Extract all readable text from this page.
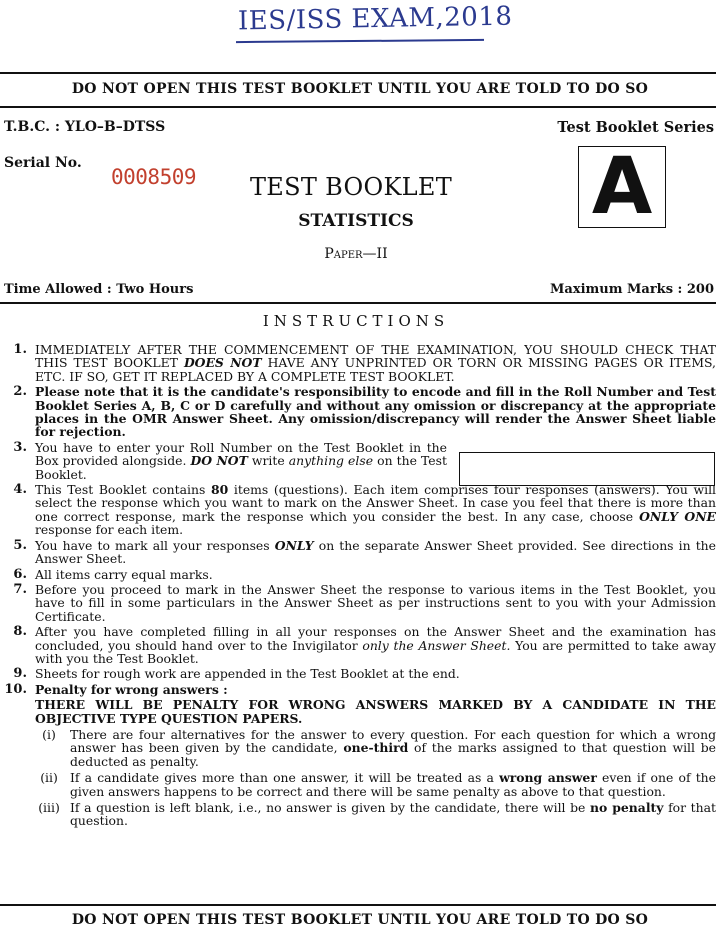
IES/ISS EXAM,2018
DO NOT OPEN THIS TEST BOOKLET UNTIL YOU ARE TOLD TO DO SO
T.B.C. : YLO–B–DTSS	Test Booklet Series
Serial No.
0008509	A
TEST BOOKLET
STATISTICS
Paper—II
Time Allowed : Two Hours	Maximum Marks : 200
INSTRUCTIONS
1. IMMEDIATELY AFTER THE COMMENCEMENT OF THE EXAMINATION, YOU SHOULD CHECK THAT THIS TEST BOOKLET DOES NOT HAVE ANY UNPRINTED OR TORN OR MISSING PAGES OR ITEMS, ETC. IF SO, GET IT REPLACED BY A COMPLETE TEST BOOKLET.
2. Please note that it is the candidate's responsibility to encode and fill in the Roll Number and Test Booklet Series A, B, C or D carefully and without any omission or discrepancy at the appropriate places in the OMR Answer Sheet. Any omission/discrepancy will render the Answer Sheet liable for rejection.
3. You have to enter your Roll Number on the Test Booklet in the Box provided alongside. DO NOT write anything else on the Test Booklet.
4. This Test Booklet contains 80 items (questions). Each item comprises four responses (answers). You will select the response which you want to mark on the Answer Sheet. In case you feel that there is more than one correct response, mark the response which you consider the best. In any case, choose ONLY ONE response for each item.
5. You have to mark all your responses ONLY on the separate Answer Sheet provided. See directions in the Answer Sheet.
6. All items carry equal marks.
7. Before you proceed to mark in the Answer Sheet the response to various items in the Test Booklet, you have to fill in some particulars in the Answer Sheet as per instructions sent to you with your Admission Certificate.
8. After you have completed filling in all your responses on the Answer Sheet and the examination has concluded, you should hand over to the Invigilator only the Answer Sheet. You are permitted to take away with you the Test Booklet.
9. Sheets for rough work are appended in the Test Booklet at the end.
10. Penalty for wrong answers :
THERE WILL BE PENALTY FOR WRONG ANSWERS MARKED BY A CANDIDATE IN THE OBJECTIVE TYPE QUESTION PAPERS.
(i)	There are four alternatives for the answer to every question. For each question for which a wrong answer has been given by the candidate, one-third of the marks assigned to that question will be deducted as penalty.
(ii) If a candidate gives more than one answer, it will be treated as a wrong answer even if one of the given answers happens to be correct and there will be same penalty as above to that question.
(iii) If a question is left blank, i.e., no answer is given by the candidate, there will be no penalty for that question.
DO NOT OPEN THIS TEST BOOKLET UNTIL YOU ARE TOLD TO DO SO
